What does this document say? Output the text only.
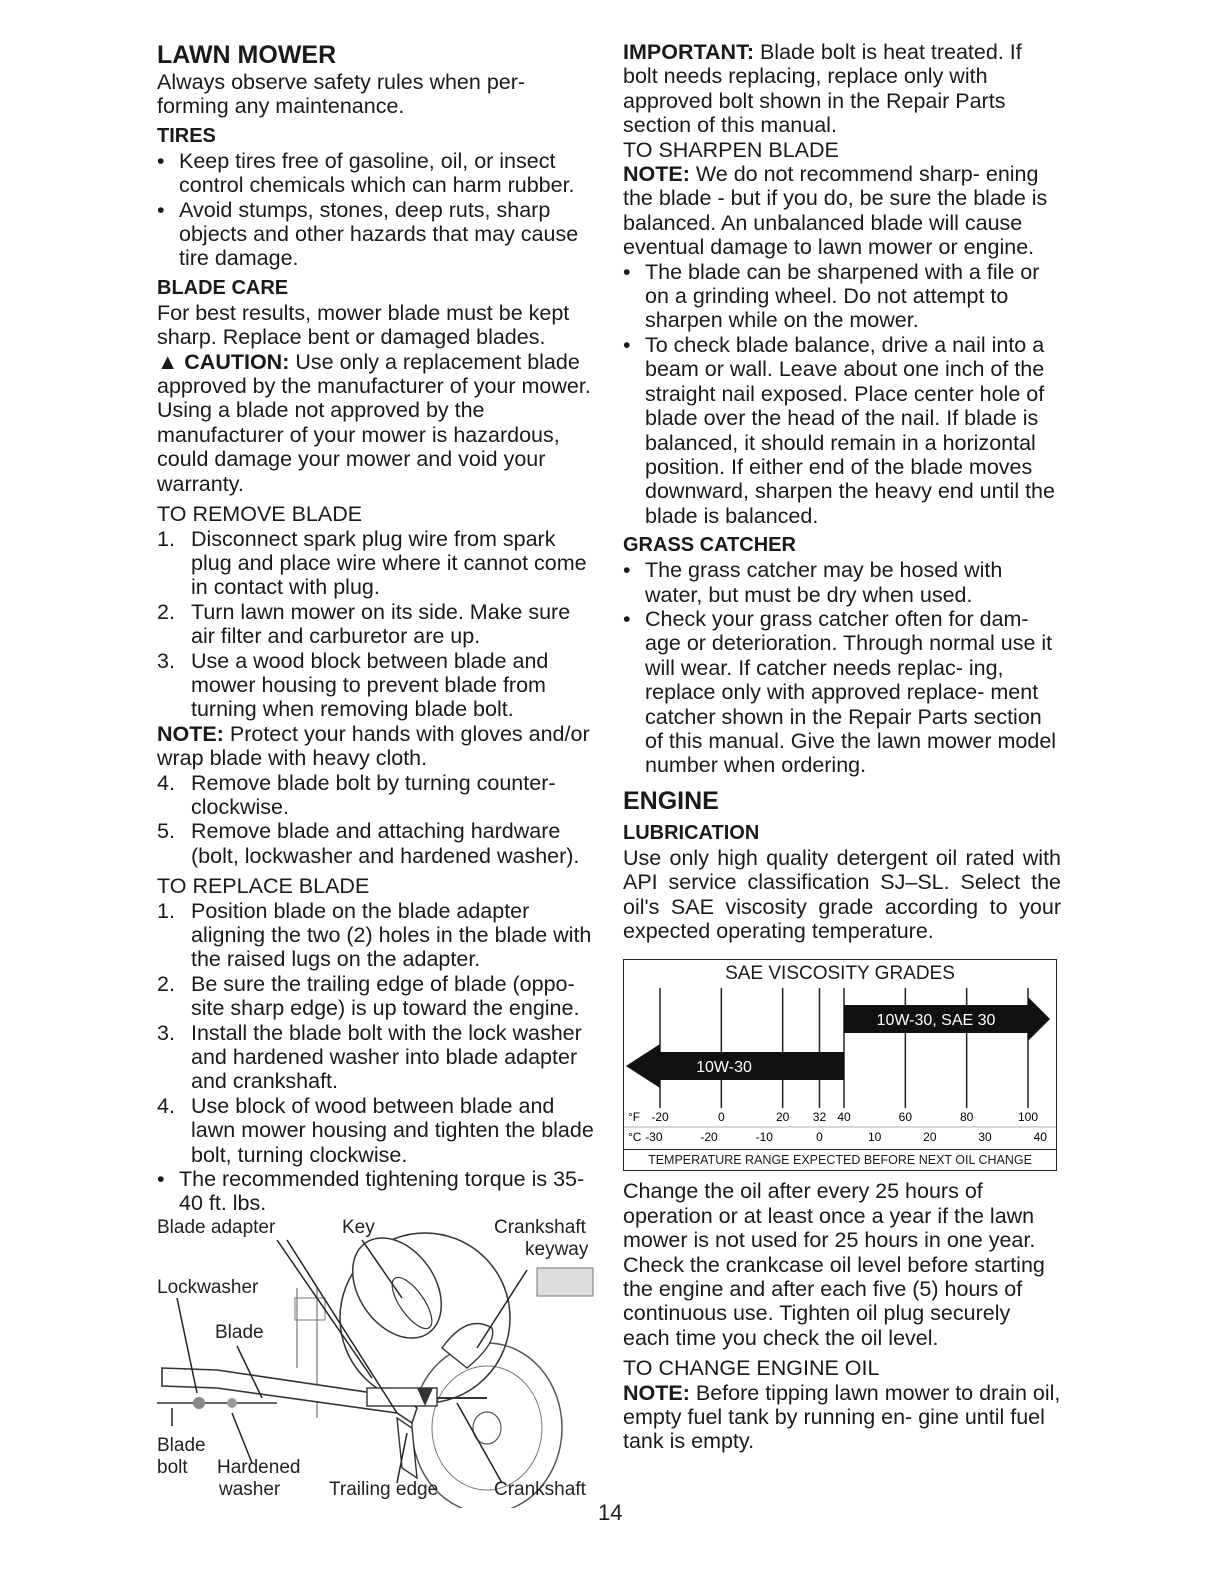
LAWN MOWER

Always observe safety rules when per- forming any maintenance.

TIRES
• Keep tires free of gasoline, oil, or insect control chemicals which can harm rubber.
• Avoid stumps, stones, deep ruts, sharp objects and other hazards that may cause tire damage.
BLADE CARE

For best results, mower blade must be kept sharp. Replace bent or damaged blades.

▲ CAUTION: Use only a replacement blade approved by the manufacturer of your mower. Using a blade not approved by the manufacturer of your mower is hazardous, could damage your mower and void your warranty.

TO REMOVE BLADE
1. Disconnect spark plug wire from spark plug and place wire where it cannot come in contact with plug.
2. Turn lawn mower on its side. Make sure air filter and carburetor are up.
3. Use a wood block between blade and mower housing to prevent blade from turning when removing blade bolt.

NOTE: Protect your hands with gloves and/or wrap blade with heavy cloth.

4. Remove blade bolt by turning counter- clockwise.
5. Remove blade and attaching hardware (bolt, lockwasher and hardened washer).
TO REPLACE BLADE
1. Position blade on the blade adapter aligning the two (2) holes in the blade with the raised lugs on the adapter.
2. Be sure the trailing edge of blade (oppo- site sharp edge) is up toward the engine.
3. Install the blade bolt with the lock washer and hardened washer into blade adapter and crankshaft.
4. Use block of wood between blade and lawn mower housing and tighten the blade bolt, turning clockwise.
• The recommended tightening torque is 35-40 ft. lbs.
Blade adapter	Key	Crankshaft
keyway
Lockwasher
Blade
Blade
bolt Hardened
washer	Trailing edge	Crankshaft
14

IMPORTANT: Blade bolt is heat treated. If bolt needs replacing, replace only with approved bolt shown in the Repair Parts section of this manual.

TO SHARPEN BLADE

NOTE: We do not recommend sharp- ening the blade - but if you do, be sure the blade is balanced. An unbalanced blade will cause eventual damage to lawn mower or engine.

• The blade can be sharpened with a file or on a grinding wheel. Do not attempt to sharpen while on the mower.
• To check blade balance, drive a nail into a beam or wall. Leave about one inch of the straight nail exposed. Place center hole of blade over the head of the nail. If blade is balanced, it should remain in a horizontal position. If either end of the blade moves downward, sharpen the heavy end until the blade is balanced.
GRASS CATCHER
• The grass catcher may be hosed with water, but must be dry when used.
• Check your grass catcher often for dam- age or deterioration. Through normal use it will wear. If catcher needs replac- ing, replace only with approved replace- ment catcher shown in the Repair Parts section of this manual. Give the lawn mower model number when ordering.
ENGINE
LUBRICATION

Use only high quality detergent oil rated with API service classification SJ–SL. Select the oil's SAE viscosity grade according to your expected operating temperature.

SAE VISCOSITY GRADES
10W-30
10W-30, SAE 30
°F
°C
-20	0	20 32 40	60	80	100
-30	-20	-10	0	10	20	30	40
TEMPERATURE RANGE EXPECTED BEFORE NEXT OIL CHANGE

Change the oil after every 25 hours of operation or at least once a year if the lawn mower is not used for 25 hours in one year.

Check the crankcase oil level before starting the engine and after each five (5) hours of continuous use. Tighten oil plug securely each time you check the oil level.

TO CHANGE ENGINE OIL

NOTE: Before tipping lawn mower to drain oil, empty fuel tank by running en- gine until fuel tank is empty.
